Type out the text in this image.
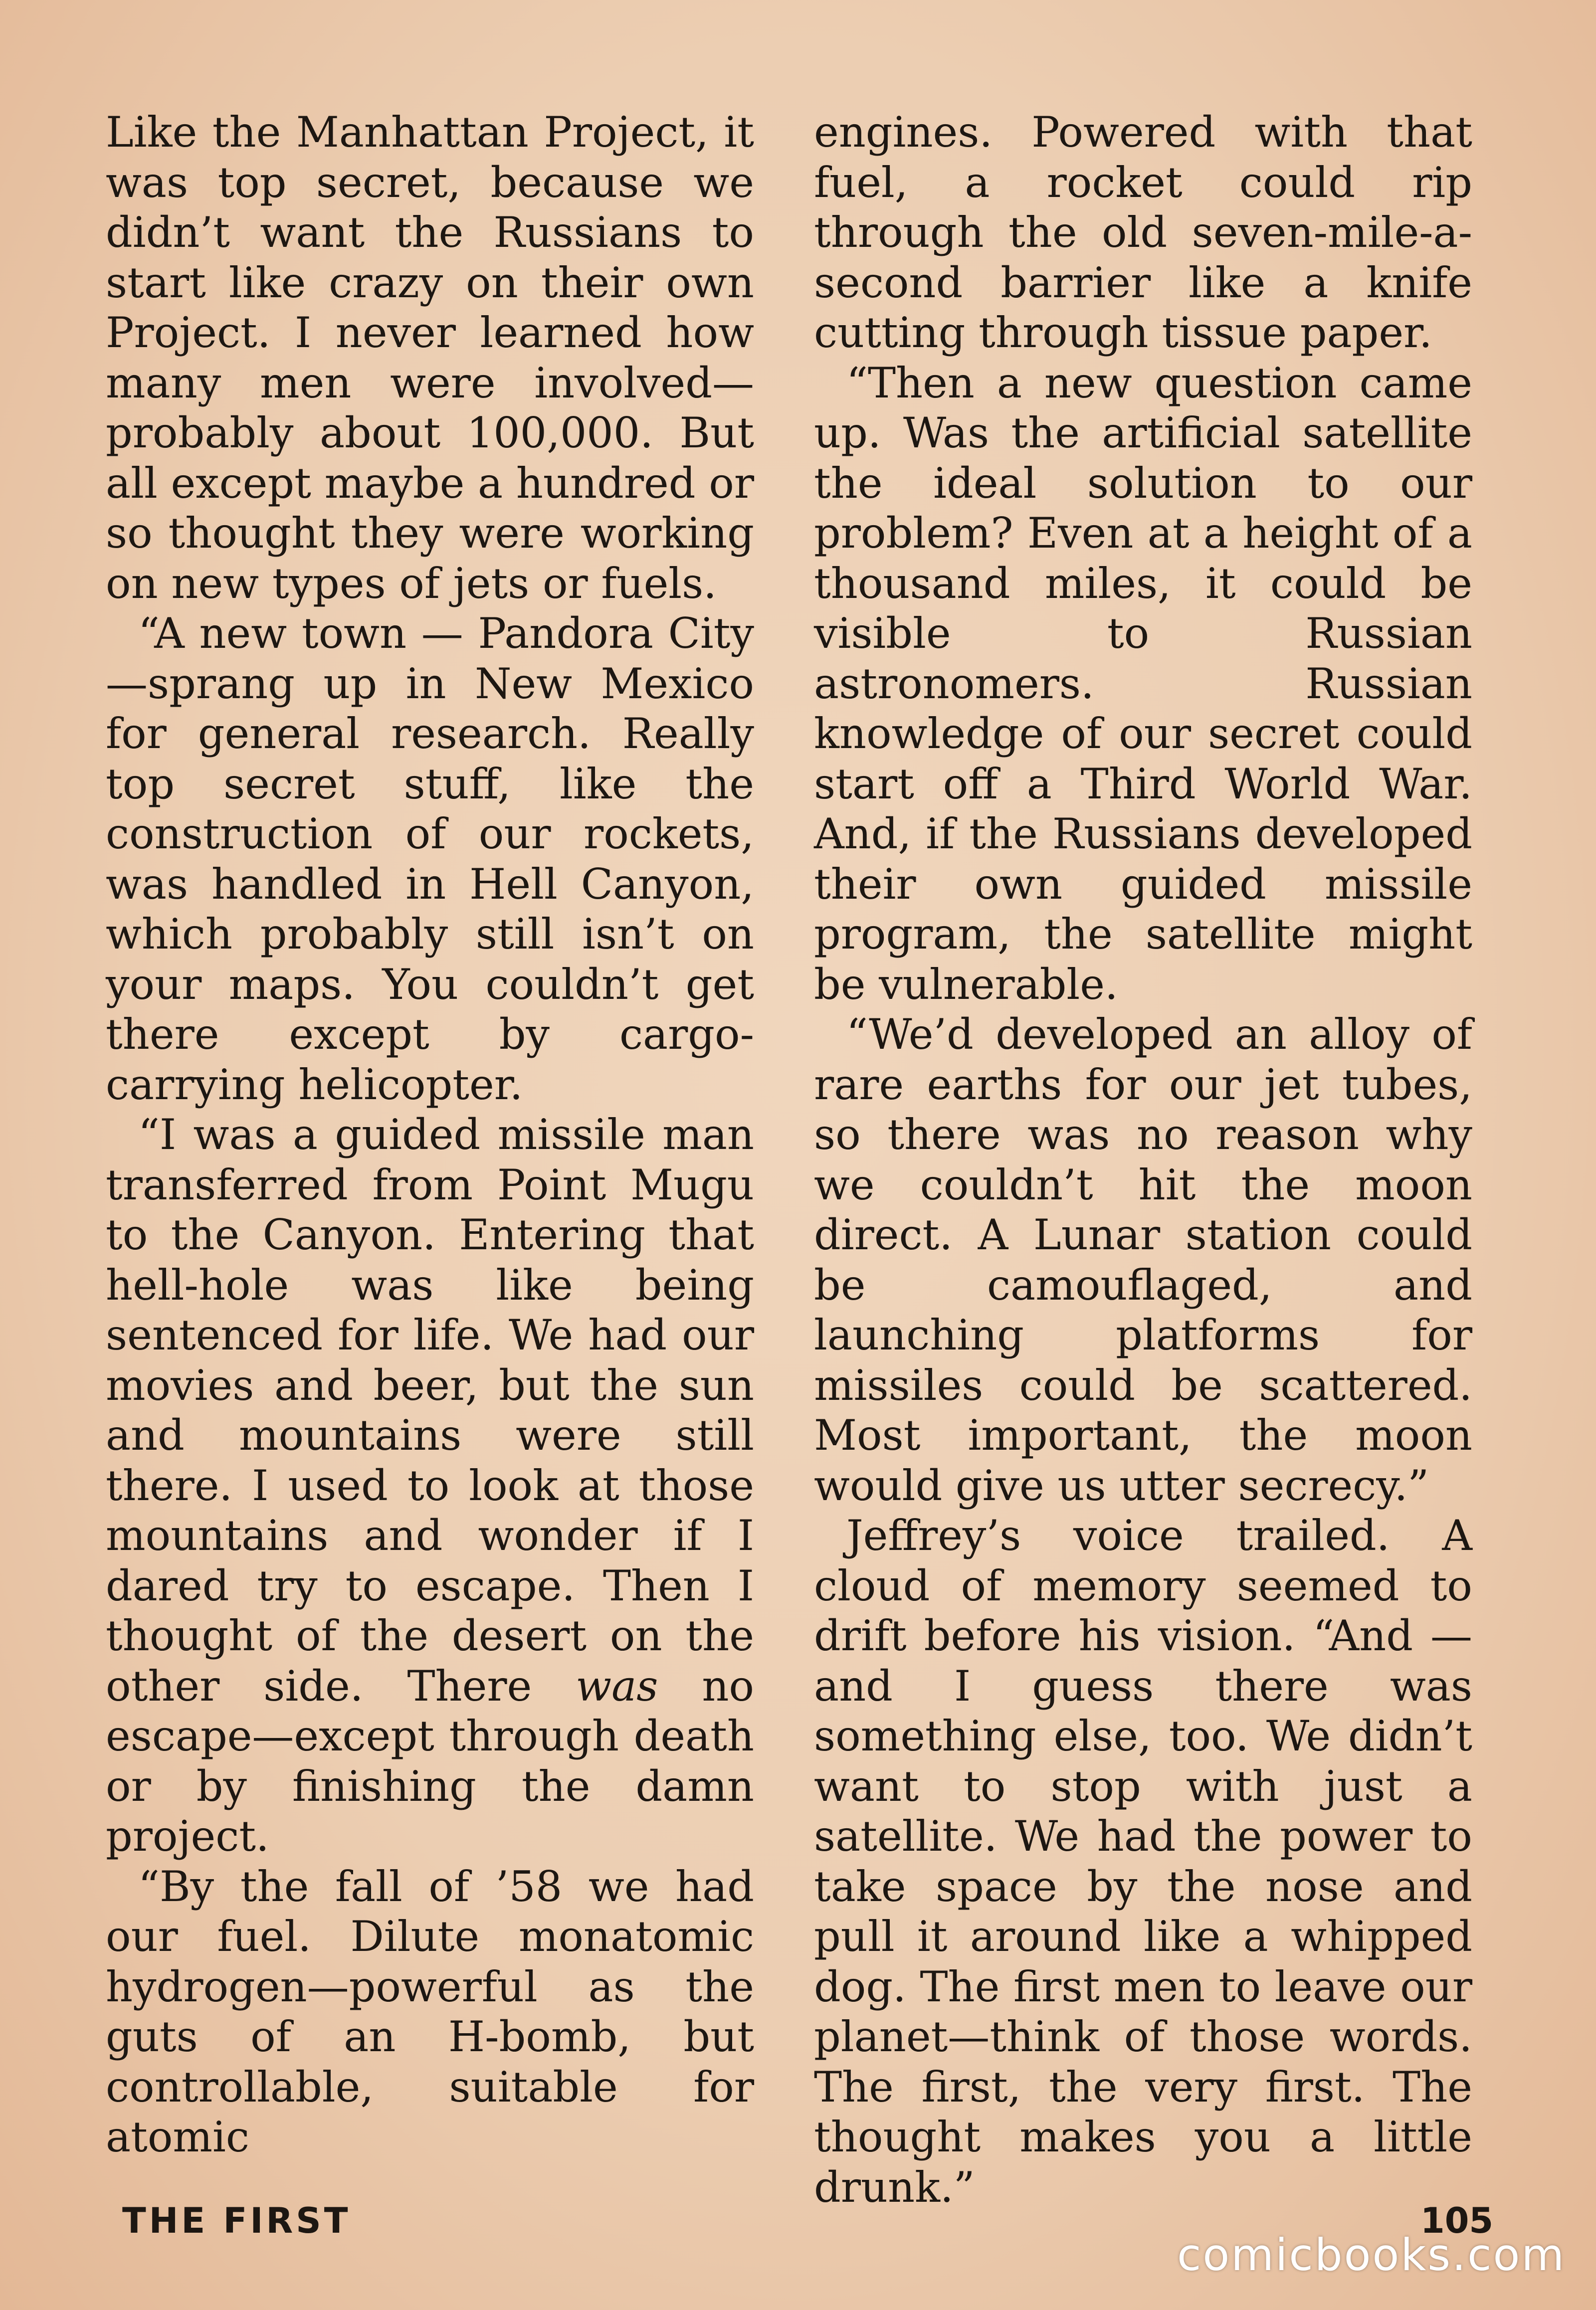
Like the Manhattan Project, it was top secret, because we didn’t want the Russians to start like crazy on their own Project. I never learned how many men were involved—probably about 100,000. But all except maybe a hundred or so thought they were working on new types of jets or fuels.

“A new town — Pandora City—sprang up in New Mexico for general research. Really top secret stuff, like the construction of our rockets, was handled in Hell Canyon, which probably still isn’t on your maps. You couldn’t get there except by cargo-carrying helicopter.

“I was a guided missile man transferred from Point Mugu to the Canyon. Entering that hell-hole was like being sentenced for life. We had our movies and beer, but the sun and mountains were still there. I used to look at those mountains and wonder if I dared try to escape. Then I thought of the desert on the other side. There was no escape—except through death or by finishing the damn project.

“By the fall of ’58 we had our fuel. Dilute monatomic hydrogen—powerful as the guts of an H-bomb, but controllable, suitable for atomic

engines. Powered with that fuel, a rocket could rip through the old seven-mile-a-second barrier like a knife cutting through tissue paper.

“Then a new question came up. Was the artificial satellite the ideal solution to our problem? Even at a height of a thousand miles, it could be visible to Russian astronomers. Russian knowledge of our secret could start off a Third World War. And, if the Russians developed their own guided missile program, the satellite might be vulnerable.

“We’d developed an alloy of rare earths for our jet tubes, so there was no reason why we couldn’t hit the moon direct. A Lunar station could be camouflaged, and launching platforms for missiles could be scattered. Most important, the moon would give us utter secrecy.”

Jeffrey’s voice trailed. A cloud of memory seemed to drift before his vision. “And —and I guess there was something else, too. We didn’t want to stop with just a satellite. We had the power to take space by the nose and pull it around like a whipped dog. The first men to leave our planet—think of those words. The first, the very first. The thought makes you a little drunk.”

THE FIRST	105
comicbooks.com
